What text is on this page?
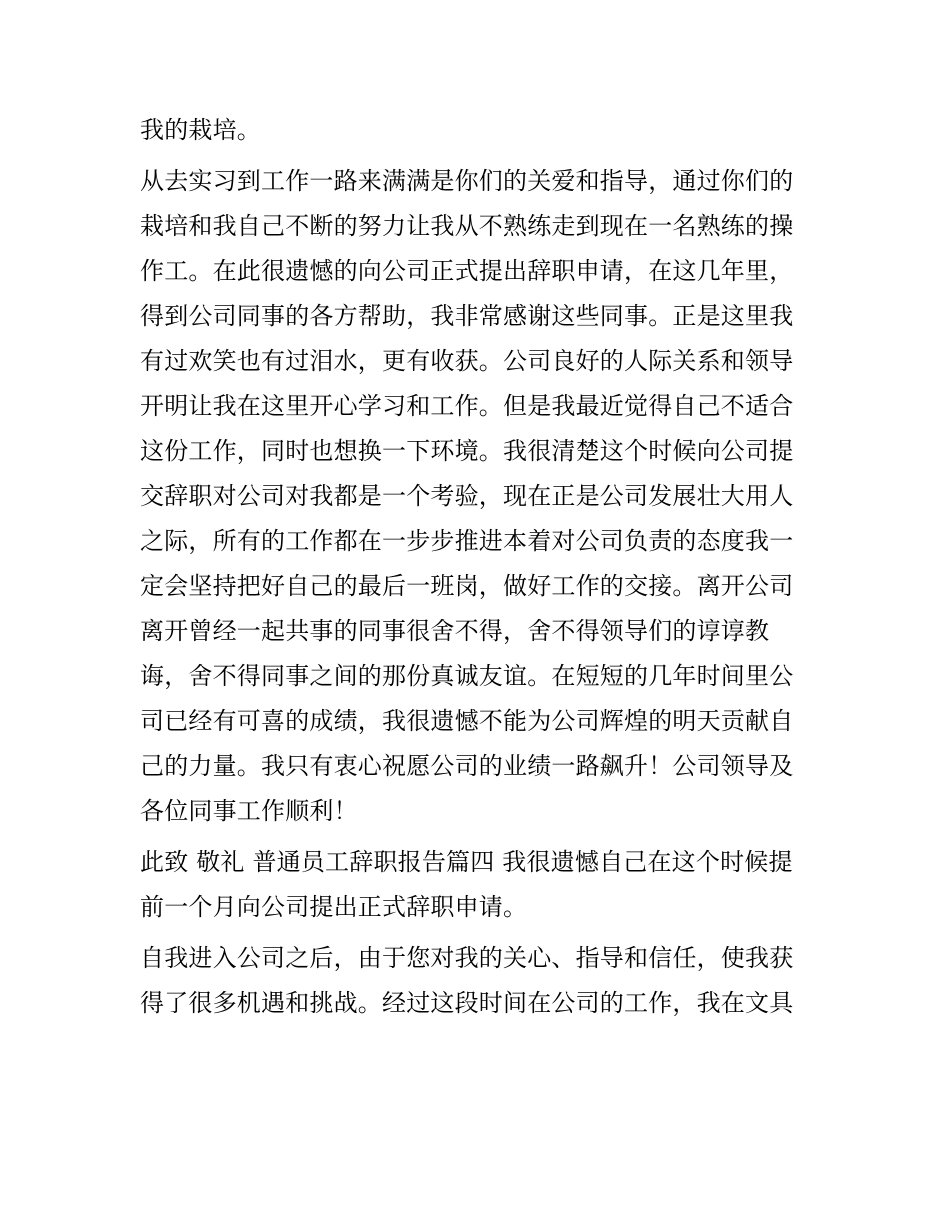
我的栽培。
从去实习到工作一路来满满是你们的关爱和指导，通过你们的
栽培和我自己不断的努力让我从不熟练走到现在一名熟练的操
作工。在此很遗憾的向公司正式提出辞职申请，在这几年里，
得到公司同事的各方帮助，我非常感谢这些同事。正是这里我
有过欢笑也有过泪水，更有收获。公司良好的人际关系和领导
开明让我在这里开心学习和工作。但是我最近觉得自己不适合
这份工作，同时也想换一下环境。我很清楚这个时候向公司提
交辞职对公司对我都是一个考验，现在正是公司发展壮大用人
之际，所有的工作都在一步步推进本着对公司负责的态度我一
定会坚持把好自己的最后一班岗，做好工作的交接。离开公司
离开曾经一起共事的同事很舍不得，舍不得领导们的谆谆教
诲，舍不得同事之间的那份真诚友谊。在短短的几年时间里公
司已经有可喜的成绩，我很遗憾不能为公司辉煌的明天贡献自
己的力量。我只有衷心祝愿公司的业绩一路飙升！公司领导及
各位同事工作顺利！
此致 敬礼 普通员工辞职报告篇四 我很遗憾自己在这个时候提
前一个月向公司提出正式辞职申请。
自我进入公司之后，由于您对我的关心、指导和信任，使我获
得了很多机遇和挑战。经过这段时间在公司的工作，我在文具
